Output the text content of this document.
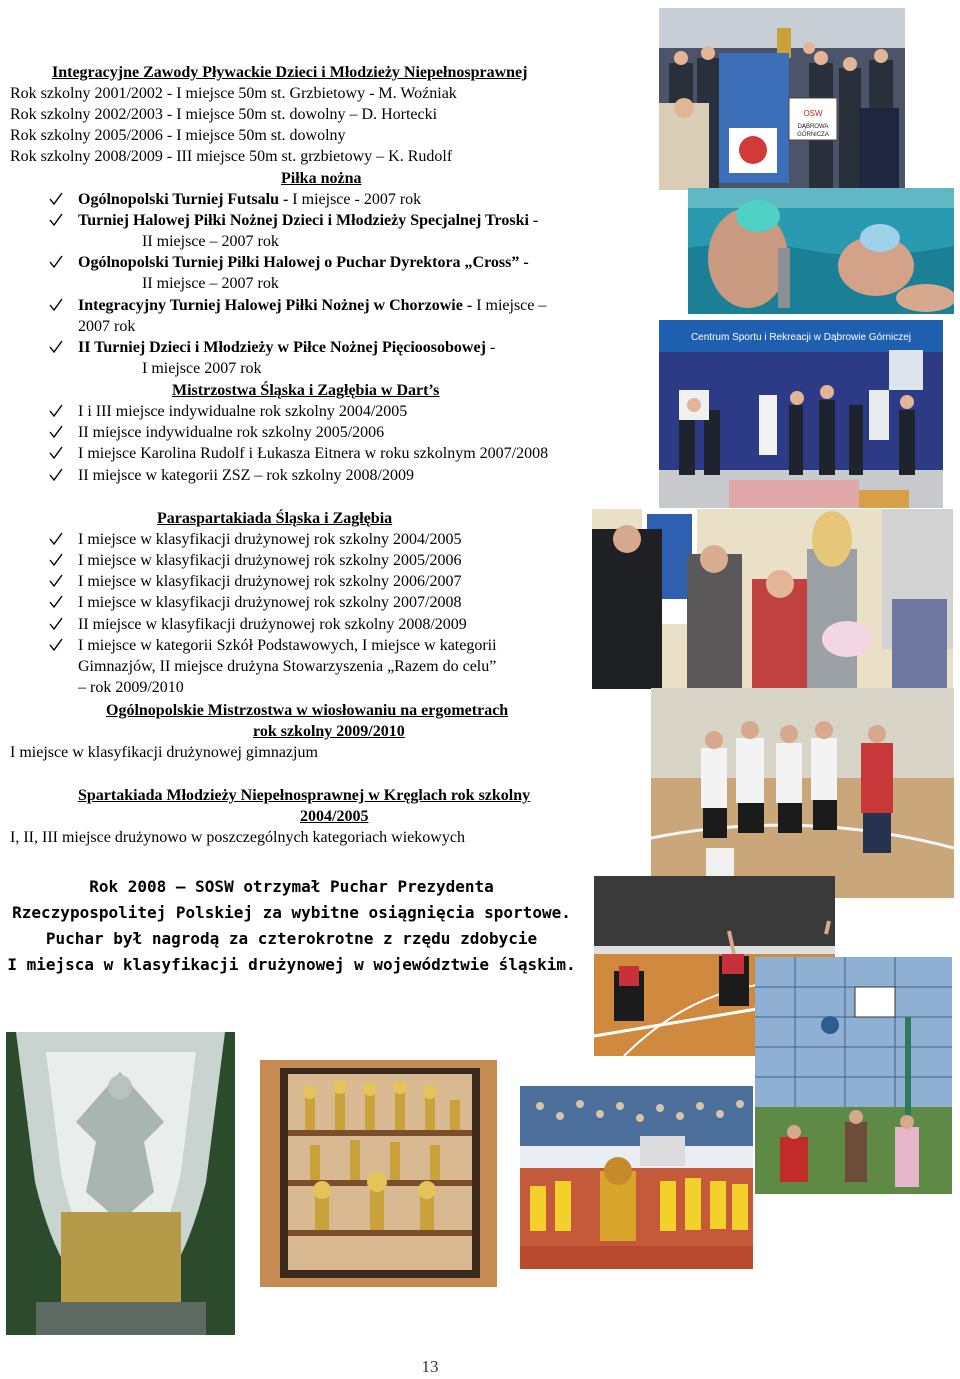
Integracyjne Zawody Pływackie Dzieci i Młodzieży Niepełnosprawnej
Rok szkolny 2001/2002 - I miejsce 50m st. Grzbietowy - M. Woźniak
Rok szkolny 2002/2003 - I miejsce 50m st. dowolny – D. Hortecki
Rok szkolny 2005/2006 - I miejsce 50m st. dowolny
Rok szkolny 2008/2009 - III miejsce 50m st. grzbietowy – K. Rudolf
Piłka nożna
Ogólnopolski Turniej Futsalu - I miejsce - 2007 rok
Turniej Halowej Piłki Nożnej Dzieci i Młodzieży Specjalnej Troski -
II miejsce – 2007 rok
Ogólnopolski Turniej Piłki Halowej o Puchar Dyrektora „Cross” -
II miejsce – 2007 rok
Integracyjny Turniej Halowej Piłki Nożnej w Chorzowie - I miejsce –
2007 rok
II Turniej Dzieci i Młodzieży w Piłce Nożnej Pięcioosobowej -
I miejsce 2007 rok
Mistrzostwa Śląska i Zagłębia w Dart’s
I i III miejsce indywidualne rok szkolny 2004/2005
II miejsce indywidualne rok szkolny 2005/2006
I miejsce Karolina Rudolf i Łukasza Eitnera w roku szkolnym 2007/2008
II miejsce w kategorii ZSZ – rok szkolny 2008/2009
Paraspartakiada Śląska i Zagłębia
I miejsce w klasyfikacji drużynowej rok szkolny 2004/2005
I miejsce w klasyfikacji drużynowej rok szkolny 2005/2006
I miejsce w klasyfikacji drużynowej rok szkolny 2006/2007
I miejsce w klasyfikacji drużynowej rok szkolny 2007/2008
II miejsce w klasyfikacji drużynowej rok szkolny 2008/2009
I miejsce w kategorii Szkół Podstawowych, I miejsce w kategorii
Gimnazjów, II miejsce drużyna Stowarzyszenia „Razem do celu”
– rok 2009/2010
Ogólnopolskie Mistrzostwa w wiosłowaniu na ergometrach
rok szkolny 2009/2010
I miejsce w klasyfikacji drużynowej gimnazjum
Spartakiada Młodzieży Niepełnosprawnej w Kręglach rok szkolny
2004/2005
I, II, III miejsce drużynowo w poszczególnych kategoriach wiekowych
Rok 2008 – SOSW otrzymał Puchar Prezydenta
Rzeczypospolitej Polskiej za wybitne osiągnięcia sportowe.
Puchar był nagrodą za czterokrotne z rzędu zdobycie
I miejsca w klasyfikacji drużynowej w województwie śląskim.
OSW
DĄBROWA
GÓRNICZA
Centrum Sportu i Rekreacji w Dąbrowie Górniczej
13
